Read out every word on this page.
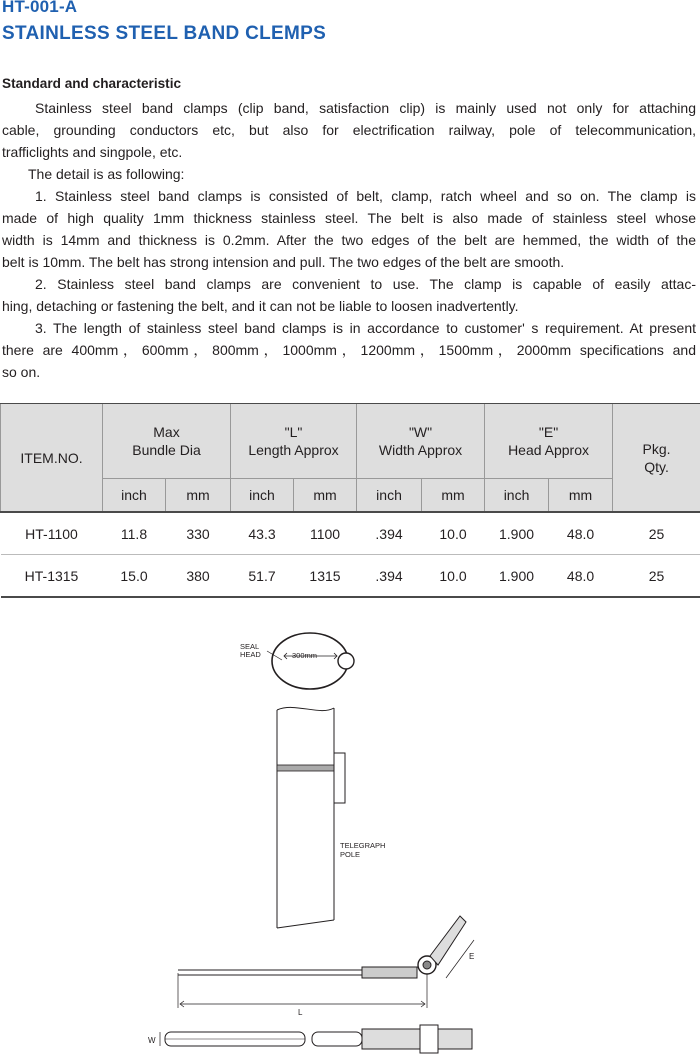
HT-001-A
STAINLESS STEEL BAND CLEMPS
Standard and characteristic

Stainless steel band clamps (clip band, satisfaction clip) is mainly used not only for attaching

cable, grounding conductors etc, but also for electrification railway, pole of telecommunication,

trafficlights and singpole, etc.

The detail is as following:

1. Stainless steel band clamps is consisted of belt, clamp, ratch wheel and so on. The clamp is

made of high quality 1mm thickness stainless steel. The belt is also made of stainless steel whose

width is 14mm and thickness is 0.2mm. After the two edges of the belt are hemmed, the width of the

belt is 10mm. The belt has strong intension and pull. The two edges of the belt are smooth.

2. Stainless steel band clamps are convenient to use. The clamp is capable of easily attac-

hing, detaching or fastening the belt, and it can not be liable to loosen inadvertently.

3. The length of stainless steel band clamps is in accordance to customer' s requirement. At present

there are 400mm，600mm，800mm，1000mm，1200mm，1500mm，2000mm specifications and

so on.

ITEM.NO.	Max
Bundle Dia		"L"
Length Approx		"W"
Width Approx		"E"
Head Approx		Pkg.
Qty.
	inch	mm	inch	mm	inch	mm	inch	mm	
HT-1100	11.8	330	43.3	1100	.394	10.0	1.900	48.0	25
HT-1315	15.0	380	51.7	1315	.394	10.0	1.900	48.0	25
SEAL
HEAD	300mm
TELEGRAPH
POLE
E
L
W
